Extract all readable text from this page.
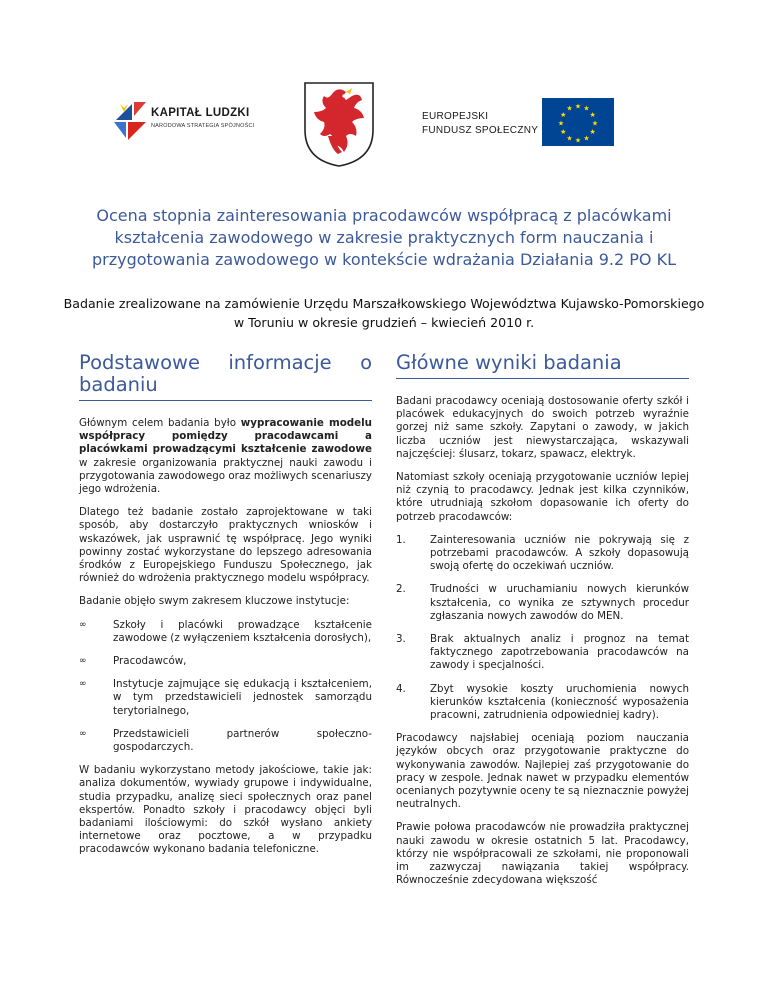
KAPITAŁ LUDZKI
NARODOWA STRATEGIA SPÓJNOŚCI
EUROPEJSKI
FUNDUSZ SPOŁECZNY
★ ★
★
★
★
★
★
★
★
★
★
★
Ocena stopnia zainteresowania pracodawców współpracą z placówkami kształcenia zawodowego w zakresie praktycznych form nauczania i przygotowania zawodowego w kontekście wdrażania Działania 9.2 PO KL
Badanie zrealizowane na zamówienie Urzędu Marszałkowskiego Województwa Kujawsko-Pomorskiego w Toruniu w okresie grudzień – kwiecień 2010 r.
Podstawowe informacje o badaniu

Głównym celem badania było wypracowanie modelu współpracy pomiędzy pracodawcami a placówkami prowadzącymi kształcenie zawodowe w zakresie organizowania praktycznej nauki zawodu i przygotowania zawodowego oraz możliwych scenariuszy jego wdrożenia.

Dlatego też badanie zostało zaprojektowane w taki sposób, aby dostarczyło praktycznych wniosków i wskazówek, jak usprawnić tę współpracę. Jego wyniki powinny zostać wykorzystane do lepszego adresowania środków z Europejskiego Funduszu Społecznego, jak również do wdrożenia praktycznego modelu współpracy.

Badanie objęło swym zakresem kluczowe instytucje:

∞	Szkoły i placówki prowadzące kształcenie zawodowe (z wyłączeniem kształcenia dorosłych),
∞	Pracodawców,
∞	Instytucje zajmujące się edukacją i kształceniem, w tym przedstawicieli jednostek samorządu terytorialnego,
∞	Przedstawicieli partnerów społeczno-gospodarczych.

W badaniu wykorzystano metody jakościowe, takie jak: analiza dokumentów, wywiady grupowe i indywidualne, studia przypadku, analizę sieci społecznych oraz panel ekspertów. Ponadto szkoły i pracodawcy objęci byli badaniami ilościowymi: do szkół wysłano ankiety internetowe oraz pocztowe, a w przypadku pracodawców wykonano badania telefoniczne.

Główne wyniki badania

Badani pracodawcy oceniają dostosowanie oferty szkół i placówek edukacyjnych do swoich potrzeb wyraźnie gorzej niż same szkoły. Zapytani o zawody, w jakich liczba uczniów jest niewystarczająca, wskazywali najczęściej: ślusarz, tokarz, spawacz, elektryk.

Natomiast szkoły oceniają przygotowanie uczniów lepiej niż czynią to pracodawcy. Jednak jest kilka czynników, które utrudniają szkołom dopasowanie ich oferty do potrzeb pracodawców:

1. Zainteresowania uczniów nie pokrywają się z potrzebami pracodawców. A szkoły dopasowują swoją ofertę do oczekiwań uczniów.
2. Trudności w uruchamianiu nowych kierunków kształcenia, co wynika ze sztywnych procedur zgłaszania nowych zawodów do MEN.
3. Brak aktualnych analiz i prognoz na temat faktycznego zapotrzebowania pracodawców na zawody i specjalności.
4. Zbyt wysokie koszty uruchomienia nowych kierunków kształcenia (konieczność wyposażenia pracowni, zatrudnienia odpowiedniej kadry).

Pracodawcy najsłabiej oceniają poziom nauczania języków obcych oraz przygotowanie praktyczne do wykonywania zawodów. Najlepiej zaś przygotowanie do pracy w zespole. Jednak nawet w przypadku elementów ocenianych pozytywnie oceny te są nieznacznie powyżej neutralnych.

Prawie połowa pracodawców nie prowadziła praktycznej nauki zawodu w okresie ostatnich 5 lat. Pracodawcy, którzy nie współpracowali ze szkołami, nie proponowali im zazwyczaj nawiązania takiej współpracy. Równocześnie zdecydowana większość
